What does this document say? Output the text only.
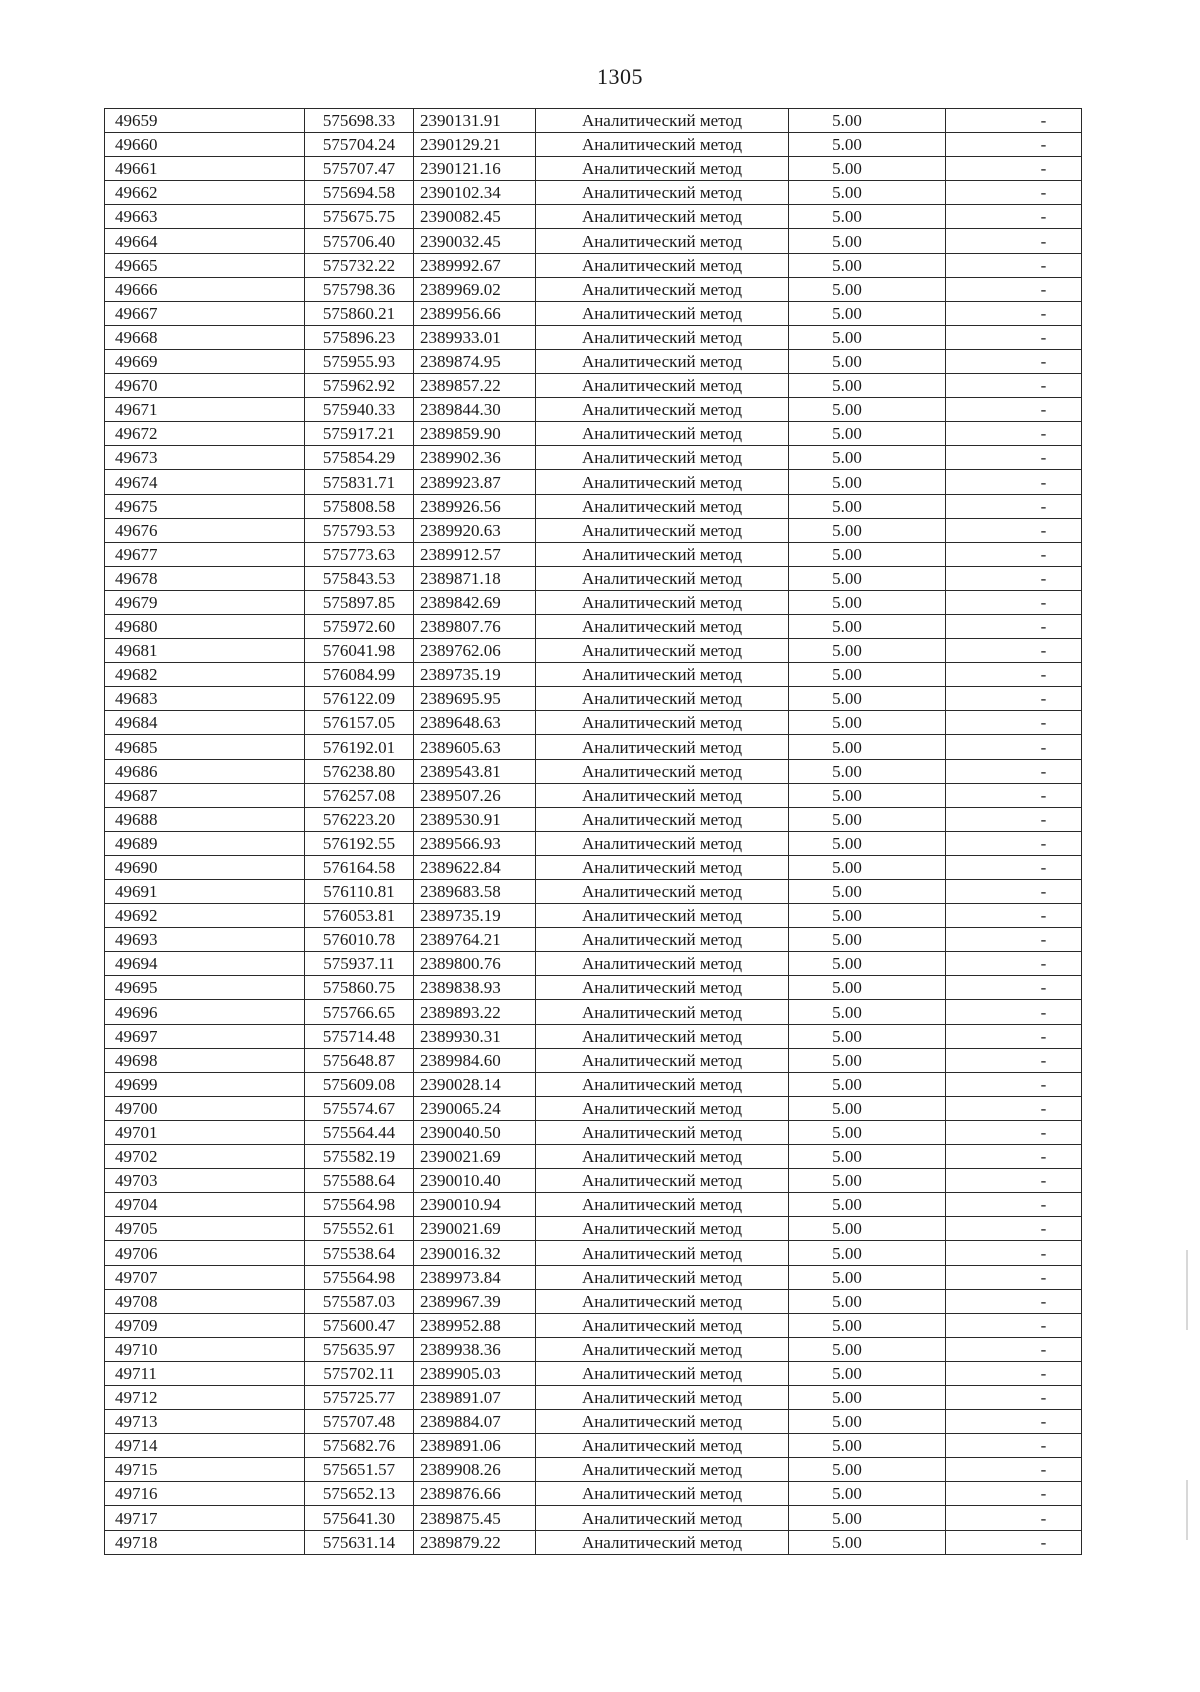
1305
49659	575698.33	2390131.91	Аналитический метод	5.00	-
49660	575704.24	2390129.21	Аналитический метод	5.00	-
49661	575707.47	2390121.16	Аналитический метод	5.00	-
49662	575694.58	2390102.34	Аналитический метод	5.00	-
49663	575675.75	2390082.45	Аналитический метод	5.00	-
49664	575706.40	2390032.45	Аналитический метод	5.00	-
49665	575732.22	2389992.67	Аналитический метод	5.00	-
49666	575798.36	2389969.02	Аналитический метод	5.00	-
49667	575860.21	2389956.66	Аналитический метод	5.00	-
49668	575896.23	2389933.01	Аналитический метод	5.00	-
49669	575955.93	2389874.95	Аналитический метод	5.00	-
49670	575962.92	2389857.22	Аналитический метод	5.00	-
49671	575940.33	2389844.30	Аналитический метод	5.00	-
49672	575917.21	2389859.90	Аналитический метод	5.00	-
49673	575854.29	2389902.36	Аналитический метод	5.00	-
49674	575831.71	2389923.87	Аналитический метод	5.00	-
49675	575808.58	2389926.56	Аналитический метод	5.00	-
49676	575793.53	2389920.63	Аналитический метод	5.00	-
49677	575773.63	2389912.57	Аналитический метод	5.00	-
49678	575843.53	2389871.18	Аналитический метод	5.00	-
49679	575897.85	2389842.69	Аналитический метод	5.00	-
49680	575972.60	2389807.76	Аналитический метод	5.00	-
49681	576041.98	2389762.06	Аналитический метод	5.00	-
49682	576084.99	2389735.19	Аналитический метод	5.00	-
49683	576122.09	2389695.95	Аналитический метод	5.00	-
49684	576157.05	2389648.63	Аналитический метод	5.00	-
49685	576192.01	2389605.63	Аналитический метод	5.00	-
49686	576238.80	2389543.81	Аналитический метод	5.00	-
49687	576257.08	2389507.26	Аналитический метод	5.00	-
49688	576223.20	2389530.91	Аналитический метод	5.00	-
49689	576192.55	2389566.93	Аналитический метод	5.00	-
49690	576164.58	2389622.84	Аналитический метод	5.00	-
49691	576110.81	2389683.58	Аналитический метод	5.00	-
49692	576053.81	2389735.19	Аналитический метод	5.00	-
49693	576010.78	2389764.21	Аналитический метод	5.00	-
49694	575937.11	2389800.76	Аналитический метод	5.00	-
49695	575860.75	2389838.93	Аналитический метод	5.00	-
49696	575766.65	2389893.22	Аналитический метод	5.00	-
49697	575714.48	2389930.31	Аналитический метод	5.00	-
49698	575648.87	2389984.60	Аналитический метод	5.00	-
49699	575609.08	2390028.14	Аналитический метод	5.00	-
49700	575574.67	2390065.24	Аналитический метод	5.00	-
49701	575564.44	2390040.50	Аналитический метод	5.00	-
49702	575582.19	2390021.69	Аналитический метод	5.00	-
49703	575588.64	2390010.40	Аналитический метод	5.00	-
49704	575564.98	2390010.94	Аналитический метод	5.00	-
49705	575552.61	2390021.69	Аналитический метод	5.00	-
49706	575538.64	2390016.32	Аналитический метод	5.00	-
49707	575564.98	2389973.84	Аналитический метод	5.00	-
49708	575587.03	2389967.39	Аналитический метод	5.00	-
49709	575600.47	2389952.88	Аналитический метод	5.00	-
49710	575635.97	2389938.36	Аналитический метод	5.00	-
49711	575702.11	2389905.03	Аналитический метод	5.00	-
49712	575725.77	2389891.07	Аналитический метод	5.00	-
49713	575707.48	2389884.07	Аналитический метод	5.00	-
49714	575682.76	2389891.06	Аналитический метод	5.00	-
49715	575651.57	2389908.26	Аналитический метод	5.00	-
49716	575652.13	2389876.66	Аналитический метод	5.00	-
49717	575641.30	2389875.45	Аналитический метод	5.00	-
49718	575631.14	2389879.22	Аналитический метод	5.00	-
